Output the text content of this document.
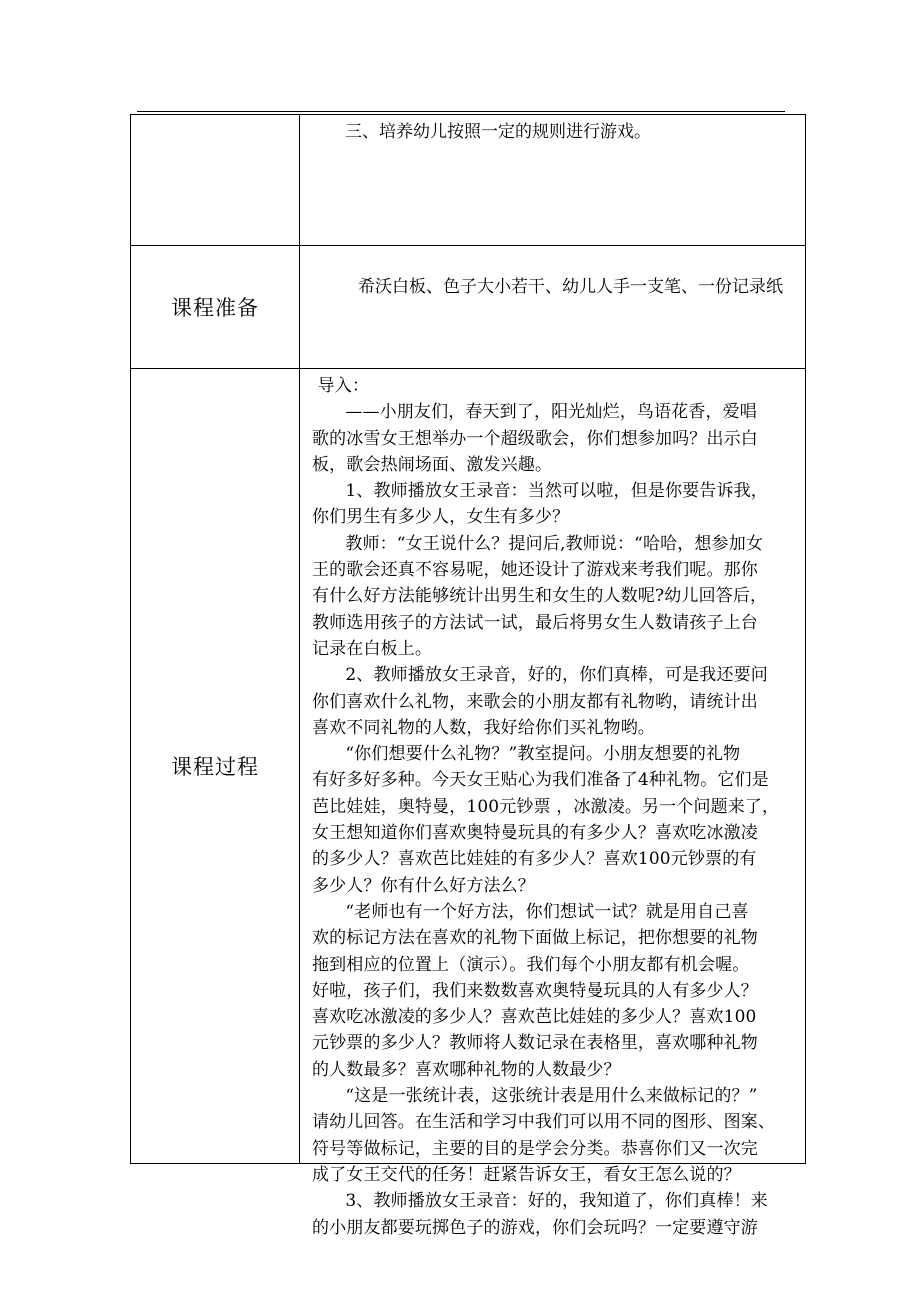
三、培养幼儿按照一定的规则进行游戏。

课程准备

希沃白板、色子大小若干、幼儿人手一支笔、一份记录纸

课程过程
导入：
——小朋友们，春天到了，阳光灿烂，鸟语花香，爱唱
歌的冰雪女王想举办一个超级歌会，你们想参加吗？出示白
板，歌会热闹场面、激发兴趣。
1、教师播放女王录音：当然可以啦，但是你要告诉我，
你们男生有多少人，女生有多少？
教师：“女王说什么？提问后,教师说：“哈哈，想参加女
王的歌会还真不容易呢，她还设计了游戏来考我们呢。那你
有什么好方法能够统计出男生和女生的人数呢?幼儿回答后，
教师选用孩子的方法试一试，最后将男女生人数请孩子上台
记录在白板上。
2、教师播放女王录音，好的，你们真棒，可是我还要问
你们喜欢什么礼物，来歌会的小朋友都有礼物哟，请统计出
喜欢不同礼物的人数，我好给你们买礼物哟。
“你们想要什么礼物？”教室提问。小朋友想要的礼物
有好多好多种。今天女王贴心为我们准备了4种礼物。它们是
芭比娃娃，奥特曼，100元钞票 ，冰激凌。另一个问题来了，
女王想知道你们喜欢奥特曼玩具的有多少人？喜欢吃冰激凌
的多少人？喜欢芭比娃娃的有多少人？喜欢100元钞票的有
多少人？你有什么好方法么？
“老师也有一个好方法，你们想试一试？就是用自己喜
欢的标记方法在喜欢的礼物下面做上标记，把你想要的礼物
拖到相应的位置上（演示）。我们每个小朋友都有机会喔。
好啦，孩子们，我们来数数喜欢奥特曼玩具的人有多少人？
喜欢吃冰激凌的多少人？喜欢芭比娃娃的多少人？喜欢100
元钞票的多少人？教师将人数记录在表格里，喜欢哪种礼物
的人数最多？喜欢哪种礼物的人数最少？
“这是一张统计表，这张统计表是用什么来做标记的？”
请幼儿回答。在生活和学习中我们可以用不同的图形、图案、
符号等做标记，主要的目的是学会分类。恭喜你们又一次完
成了女王交代的任务！赶紧告诉女王，看女王怎么说的？
3、教师播放女王录音：好的，我知道了，你们真棒！来
的小朋友都要玩掷色子的游戏，你们会玩吗？一定要遵守游
